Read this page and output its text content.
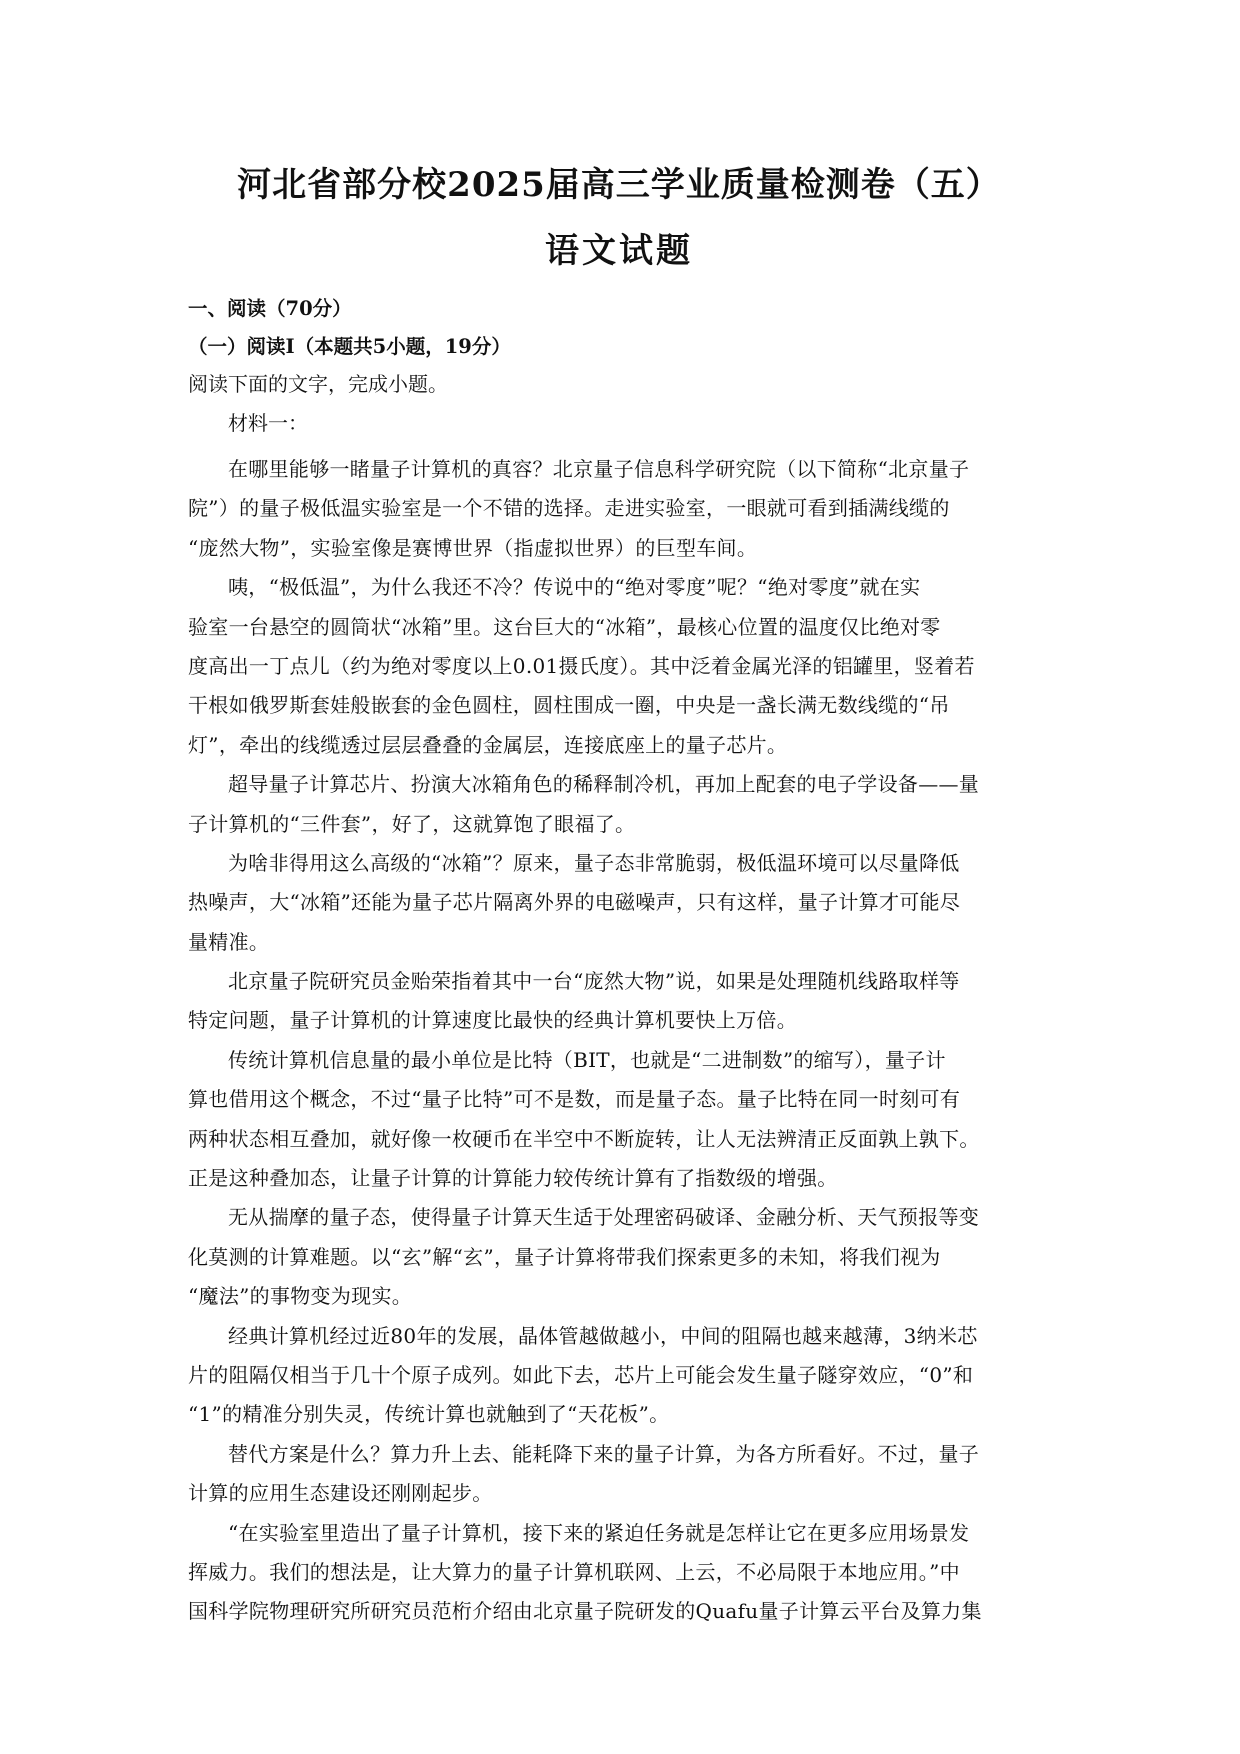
河北省部分校2025届高三学业质量检测卷（五）
语文试题
一、阅读（70分）
（一）阅读Ⅰ（本题共5小题，19分）
阅读下面的文字，完成小题。
材料一：
在哪里能够一睹量子计算机的真容？北京量子信息科学研究院（以下简称“北京量子
院”）的量子极低温实验室是一个不错的选择。走进实验室，一眼就可看到插满线缆的
“庞然大物”，实验室像是赛博世界（指虚拟世界）的巨型车间。
咦，“极低温”，为什么我还不冷？传说中的“绝对零度”呢？“绝对零度”就在实
验室一台悬空的圆筒状“冰箱”里。这台巨大的“冰箱”，最核心位置的温度仅比绝对零
度高出一丁点儿（约为绝对零度以上0.01摄氏度）。其中泛着金属光泽的铝罐里，竖着若
干根如俄罗斯套娃般嵌套的金色圆柱，圆柱围成一圈，中央是一盏长满无数线缆的“吊
灯”，牵出的线缆透过层层叠叠的金属层，连接底座上的量子芯片。
超导量子计算芯片、扮演大冰箱角色的稀释制冷机，再加上配套的电子学设备——量
子计算机的“三件套”，好了，这就算饱了眼福了。
为啥非得用这么高级的“冰箱”？原来，量子态非常脆弱，极低温环境可以尽量降低
热噪声，大“冰箱”还能为量子芯片隔离外界的电磁噪声，只有这样，量子计算才可能尽
量精准。
北京量子院研究员金贻荣指着其中一台“庞然大物”说，如果是处理随机线路取样等
特定问题，量子计算机的计算速度比最快的经典计算机要快上万倍。
传统计算机信息量的最小单位是比特（BIT，也就是“二进制数”的缩写），量子计
算也借用这个概念，不过“量子比特”可不是数，而是量子态。量子比特在同一时刻可有
两种状态相互叠加，就好像一枚硬币在半空中不断旋转，让人无法辨清正反面孰上孰下。
正是这种叠加态，让量子计算的计算能力较传统计算有了指数级的增强。
无从揣摩的量子态，使得量子计算天生适于处理密码破译、金融分析、天气预报等变
化莫测的计算难题。以“玄”解“玄”，量子计算将带我们探索更多的未知，将我们视为
“魔法”的事物变为现实。
经典计算机经过近80年的发展，晶体管越做越小，中间的阻隔也越来越薄，3纳米芯
片的阻隔仅相当于几十个原子成列。如此下去，芯片上可能会发生量子隧穿效应，“0”和
“1”的精准分别失灵，传统计算也就触到了“天花板”。
替代方案是什么？算力升上去、能耗降下来的量子计算，为各方所看好。不过，量子
计算的应用生态建设还刚刚起步。
“在实验室里造出了量子计算机，接下来的紧迫任务就是怎样让它在更多应用场景发
挥威力。我们的想法是，让大算力的量子计算机联网、上云，不必局限于本地应用。”中
国科学院物理研究所研究员范桁介绍由北京量子院研发的Quafu量子计算云平台及算力集
